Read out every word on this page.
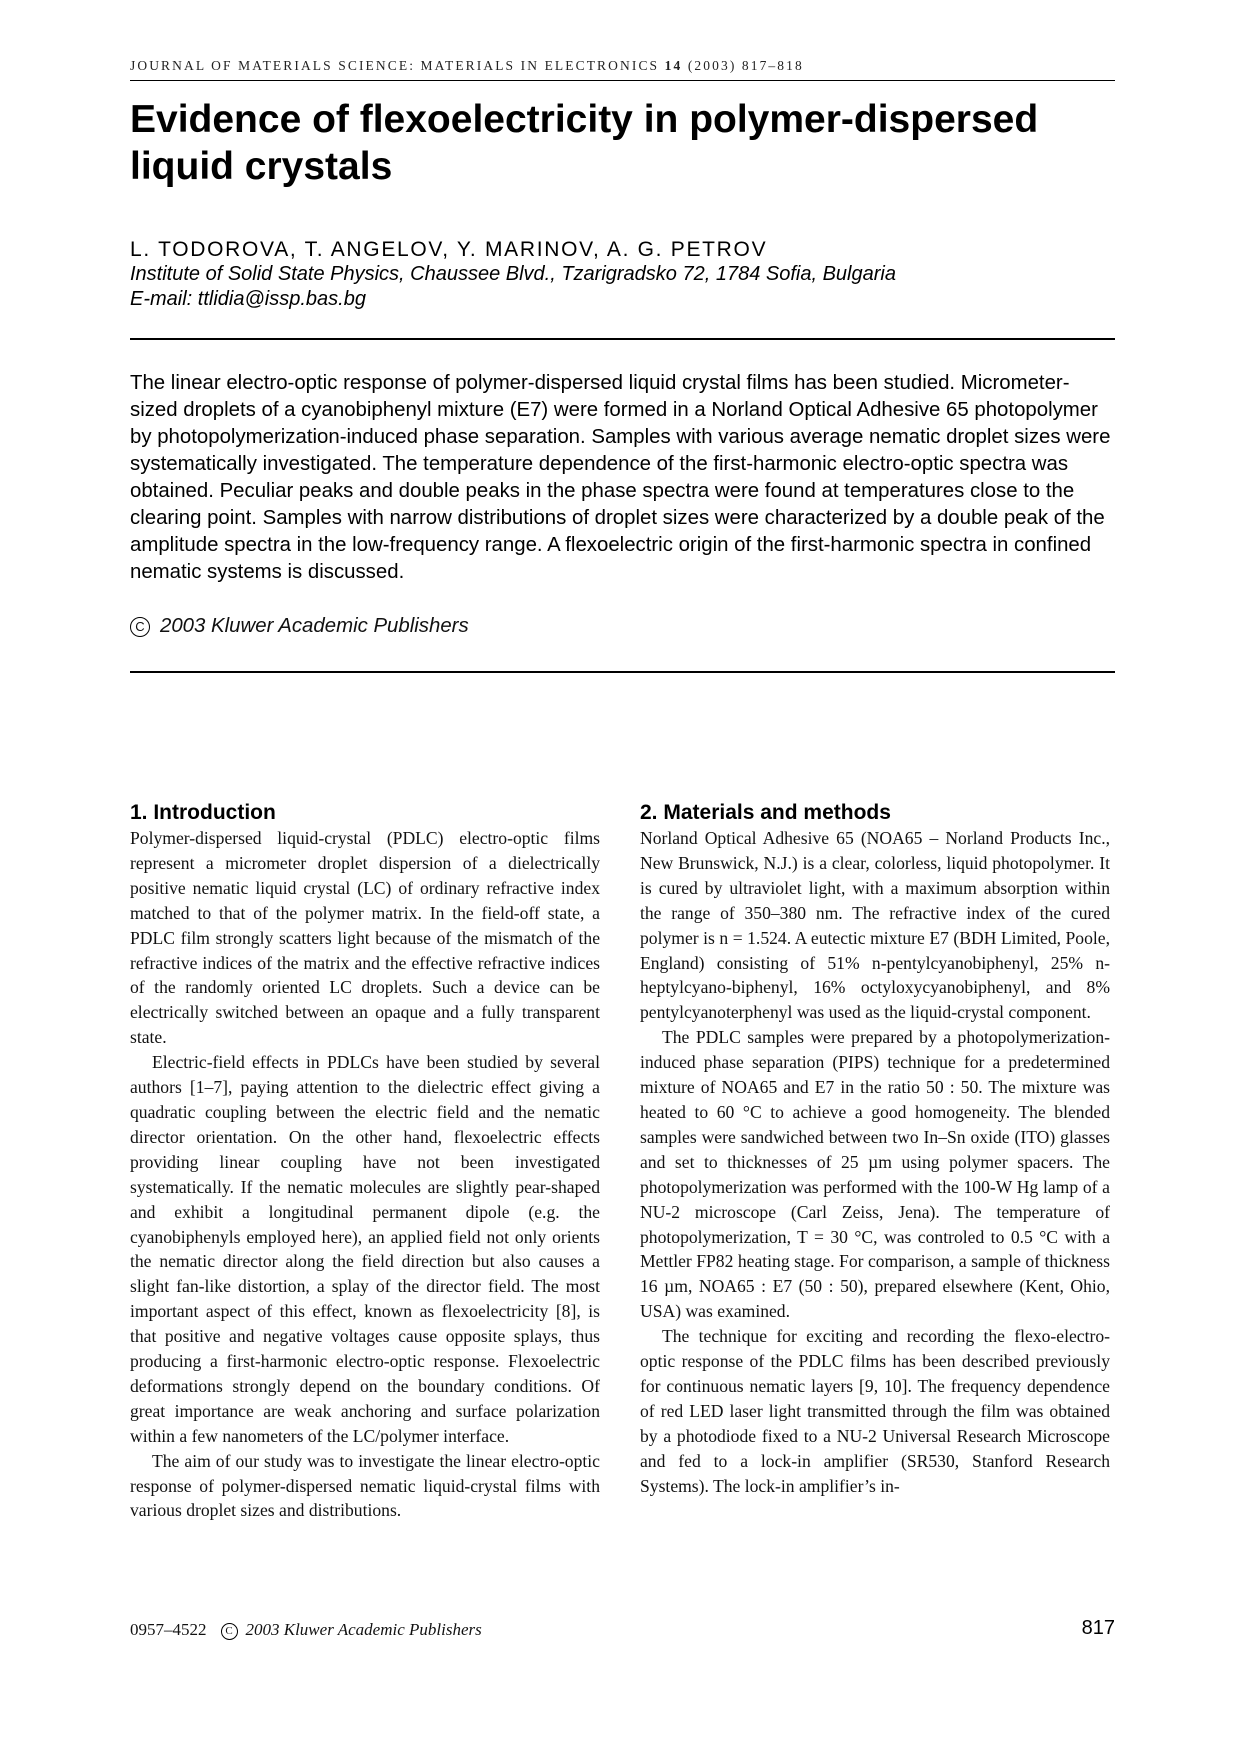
JOURNAL OF MATERIALS SCIENCE: MATERIALS IN ELECTRONICS 14 (2003) 817–818
Evidence of flexoelectricity in polymer-dispersed liquid crystals
L. TODOROVA, T. ANGELOV, Y. MARINOV, A. G. PETROV
Institute of Solid State Physics, Chaussee Blvd., Tzarigradsko 72, 1784 Sofia, Bulgaria
E-mail: ttlidia@issp.bas.bg

The linear electro-optic response of polymer-dispersed liquid crystal films has been studied. Micrometer-sized droplets of a cyanobiphenyl mixture (E7) were formed in a Norland Optical Adhesive 65 photopolymer by photopolymerization-induced phase separation. Samples with various average nematic droplet sizes were systematically investigated. The temperature dependence of the first-harmonic electro-optic spectra was obtained. Peculiar peaks and double peaks in the phase spectra were found at temperatures close to the clearing point. Samples with narrow distributions of droplet sizes were characterized by a double peak of the amplitude spectra in the low-frequency range. A flexoelectric origin of the first-harmonic spectra in confined nematic systems is discussed.

C 2003 Kluwer Academic Publishers
1. Introduction

Polymer-dispersed liquid-crystal (PDLC) electro-optic films represent a micrometer droplet dispersion of a dielectrically positive nematic liquid crystal (LC) of ordinary refractive index matched to that of the polymer matrix. In the field-off state, a PDLC film strongly scatters light because of the mismatch of the refractive indices of the matrix and the effective refractive indices of the randomly oriented LC droplets. Such a device can be electrically switched between an opaque and a fully transparent state.

Electric-field effects in PDLCs have been studied by several authors [1–7], paying attention to the dielectric effect giving a quadratic coupling between the electric field and the nematic director orientation. On the other hand, flexoelectric effects providing linear coupling have not been investigated systematically. If the nematic molecules are slightly pear-shaped and exhibit a longitudinal permanent dipole (e.g. the cyanobiphenyls employed here), an applied field not only orients the nematic director along the field direction but also causes a slight fan-like distortion, a splay of the director field. The most important aspect of this effect, known as flexoelectricity [8], is that positive and negative voltages cause opposite splays, thus producing a first-harmonic electro-optic response. Flexoelectric deformations strongly depend on the boundary conditions. Of great importance are weak anchoring and surface polarization within a few nanometers of the LC/polymer interface.

The aim of our study was to investigate the linear electro-optic response of polymer-dispersed nematic liquid-crystal films with various droplet sizes and distributions.

2. Materials and methods

Norland Optical Adhesive 65 (NOA65 – Norland Products Inc., New Brunswick, N.J.) is a clear, colorless, liquid photopolymer. It is cured by ultraviolet light, with a maximum absorption within the range of 350–380 nm. The refractive index of the cured polymer is n = 1.524. A eutectic mixture E7 (BDH Limited, Poole, England) consisting of 51% n-pentylcyanobiphenyl, 25% n-heptylcyano-biphenyl, 16% octyloxycyanobiphenyl, and 8% pentylcyanoterphenyl was used as the liquid-crystal component.

The PDLC samples were prepared by a photopolymerization-induced phase separation (PIPS) technique for a predetermined mixture of NOA65 and E7 in the ratio 50 : 50. The mixture was heated to 60 °C to achieve a good homogeneity. The blended samples were sandwiched between two In–Sn oxide (ITO) glasses and set to thicknesses of 25 µm using polymer spacers. The photopolymerization was performed with the 100-W Hg lamp of a NU-2 microscope (Carl Zeiss, Jena). The temperature of photopolymerization, T = 30 °C, was controled to 0.5 °C with a Mettler FP82 heating stage. For comparison, a sample of thickness 16 µm, NOA65 : E7 (50 : 50), prepared elsewhere (Kent, Ohio, USA) was examined.

The technique for exciting and recording the flexo-electro-optic response of the PDLC films has been described previously for continuous nematic layers [9, 10]. The frequency dependence of red LED laser light transmitted through the film was obtained by a photodiode fixed to a NU-2 Universal Research Microscope and fed to a lock-in amplifier (SR530, Stanford Research Systems). The lock-in amplifier’s in-

0957–4522 C 2003 Kluwer Academic Publishers	817
